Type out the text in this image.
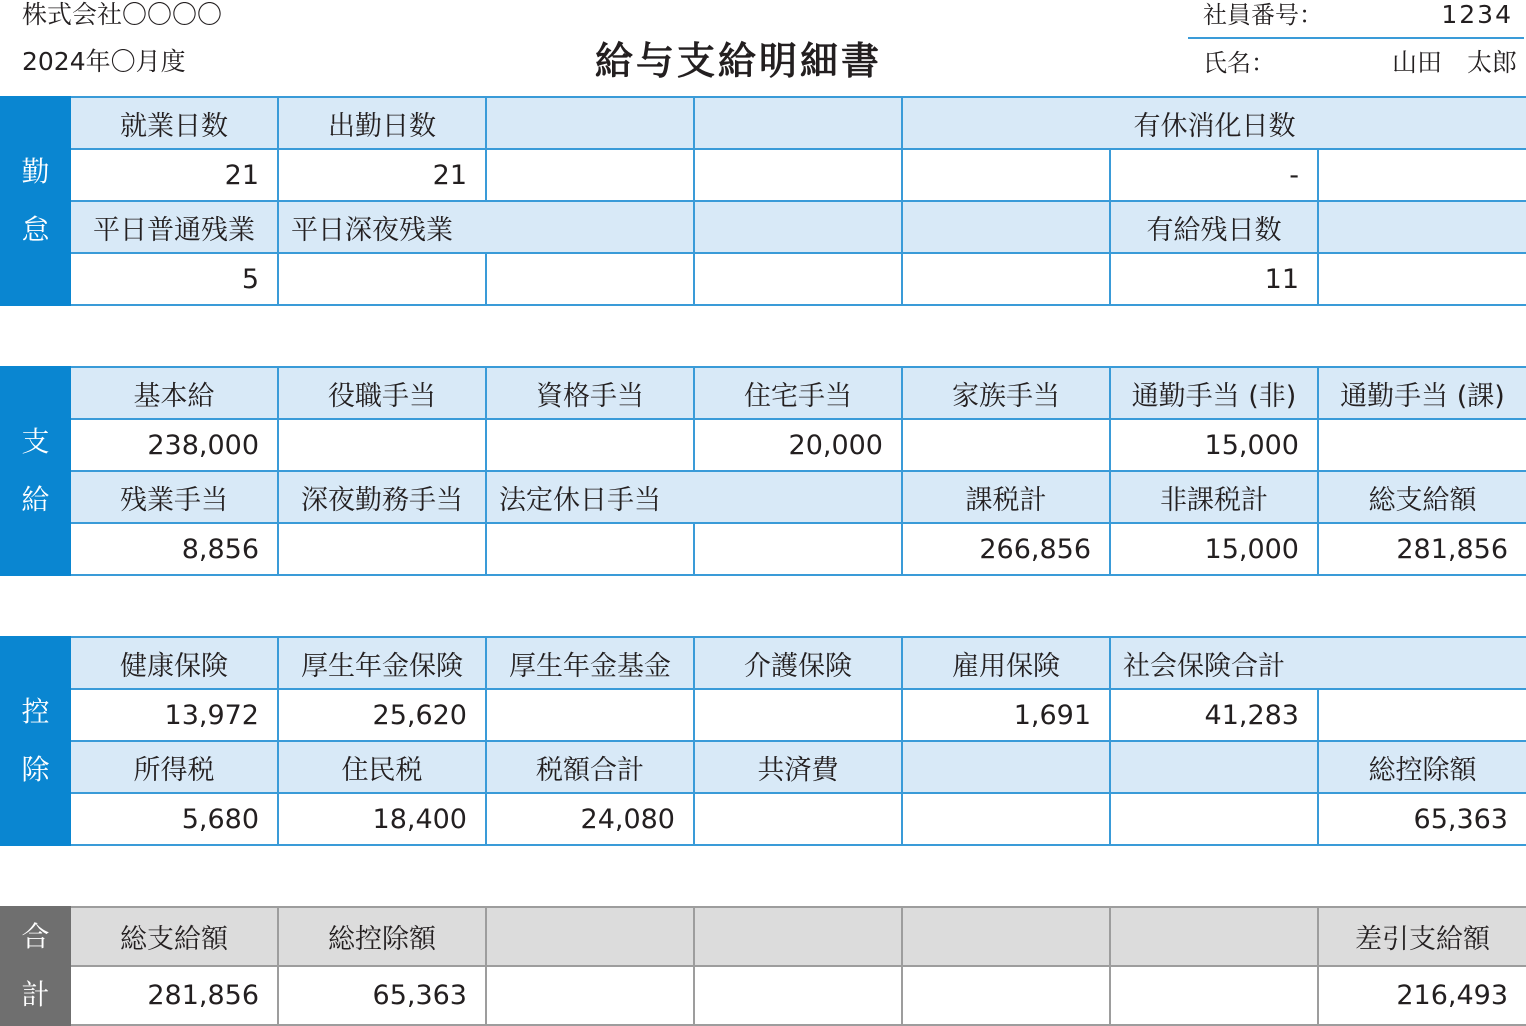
株式会社〇〇〇〇
2024年〇月度	給与支給明細書
社員番号：	1234
氏名：	山田　太郎
勤
怠	就業日数	出勤日数			有休消化日数		
	21	21				-	
	平日普通残業	平日深夜残業				有給残日数	
	5					11	
支
給	基本給	役職手当	資格手当	住宅手当	家族手当	通勤手当 (非)	通勤手当 (課)
	238,000			20,000		15,000	
	残業手当	深夜勤務手当	法定休日手当		課税計	非課税計	総支給額
	8,856				266,856	15,000	281,856
控
除	健康保険	厚生年金保険	厚生年金基金	介護保険	雇用保険	社会保険合計	
	13,972	25,620			1,691	41,283	
	所得税	住民税	税額合計	共済費			総控除額
	5,680	18,400	24,080				65,363
合
計	総支給額	総控除額					差引支給額
	281,856	65,363					216,493
